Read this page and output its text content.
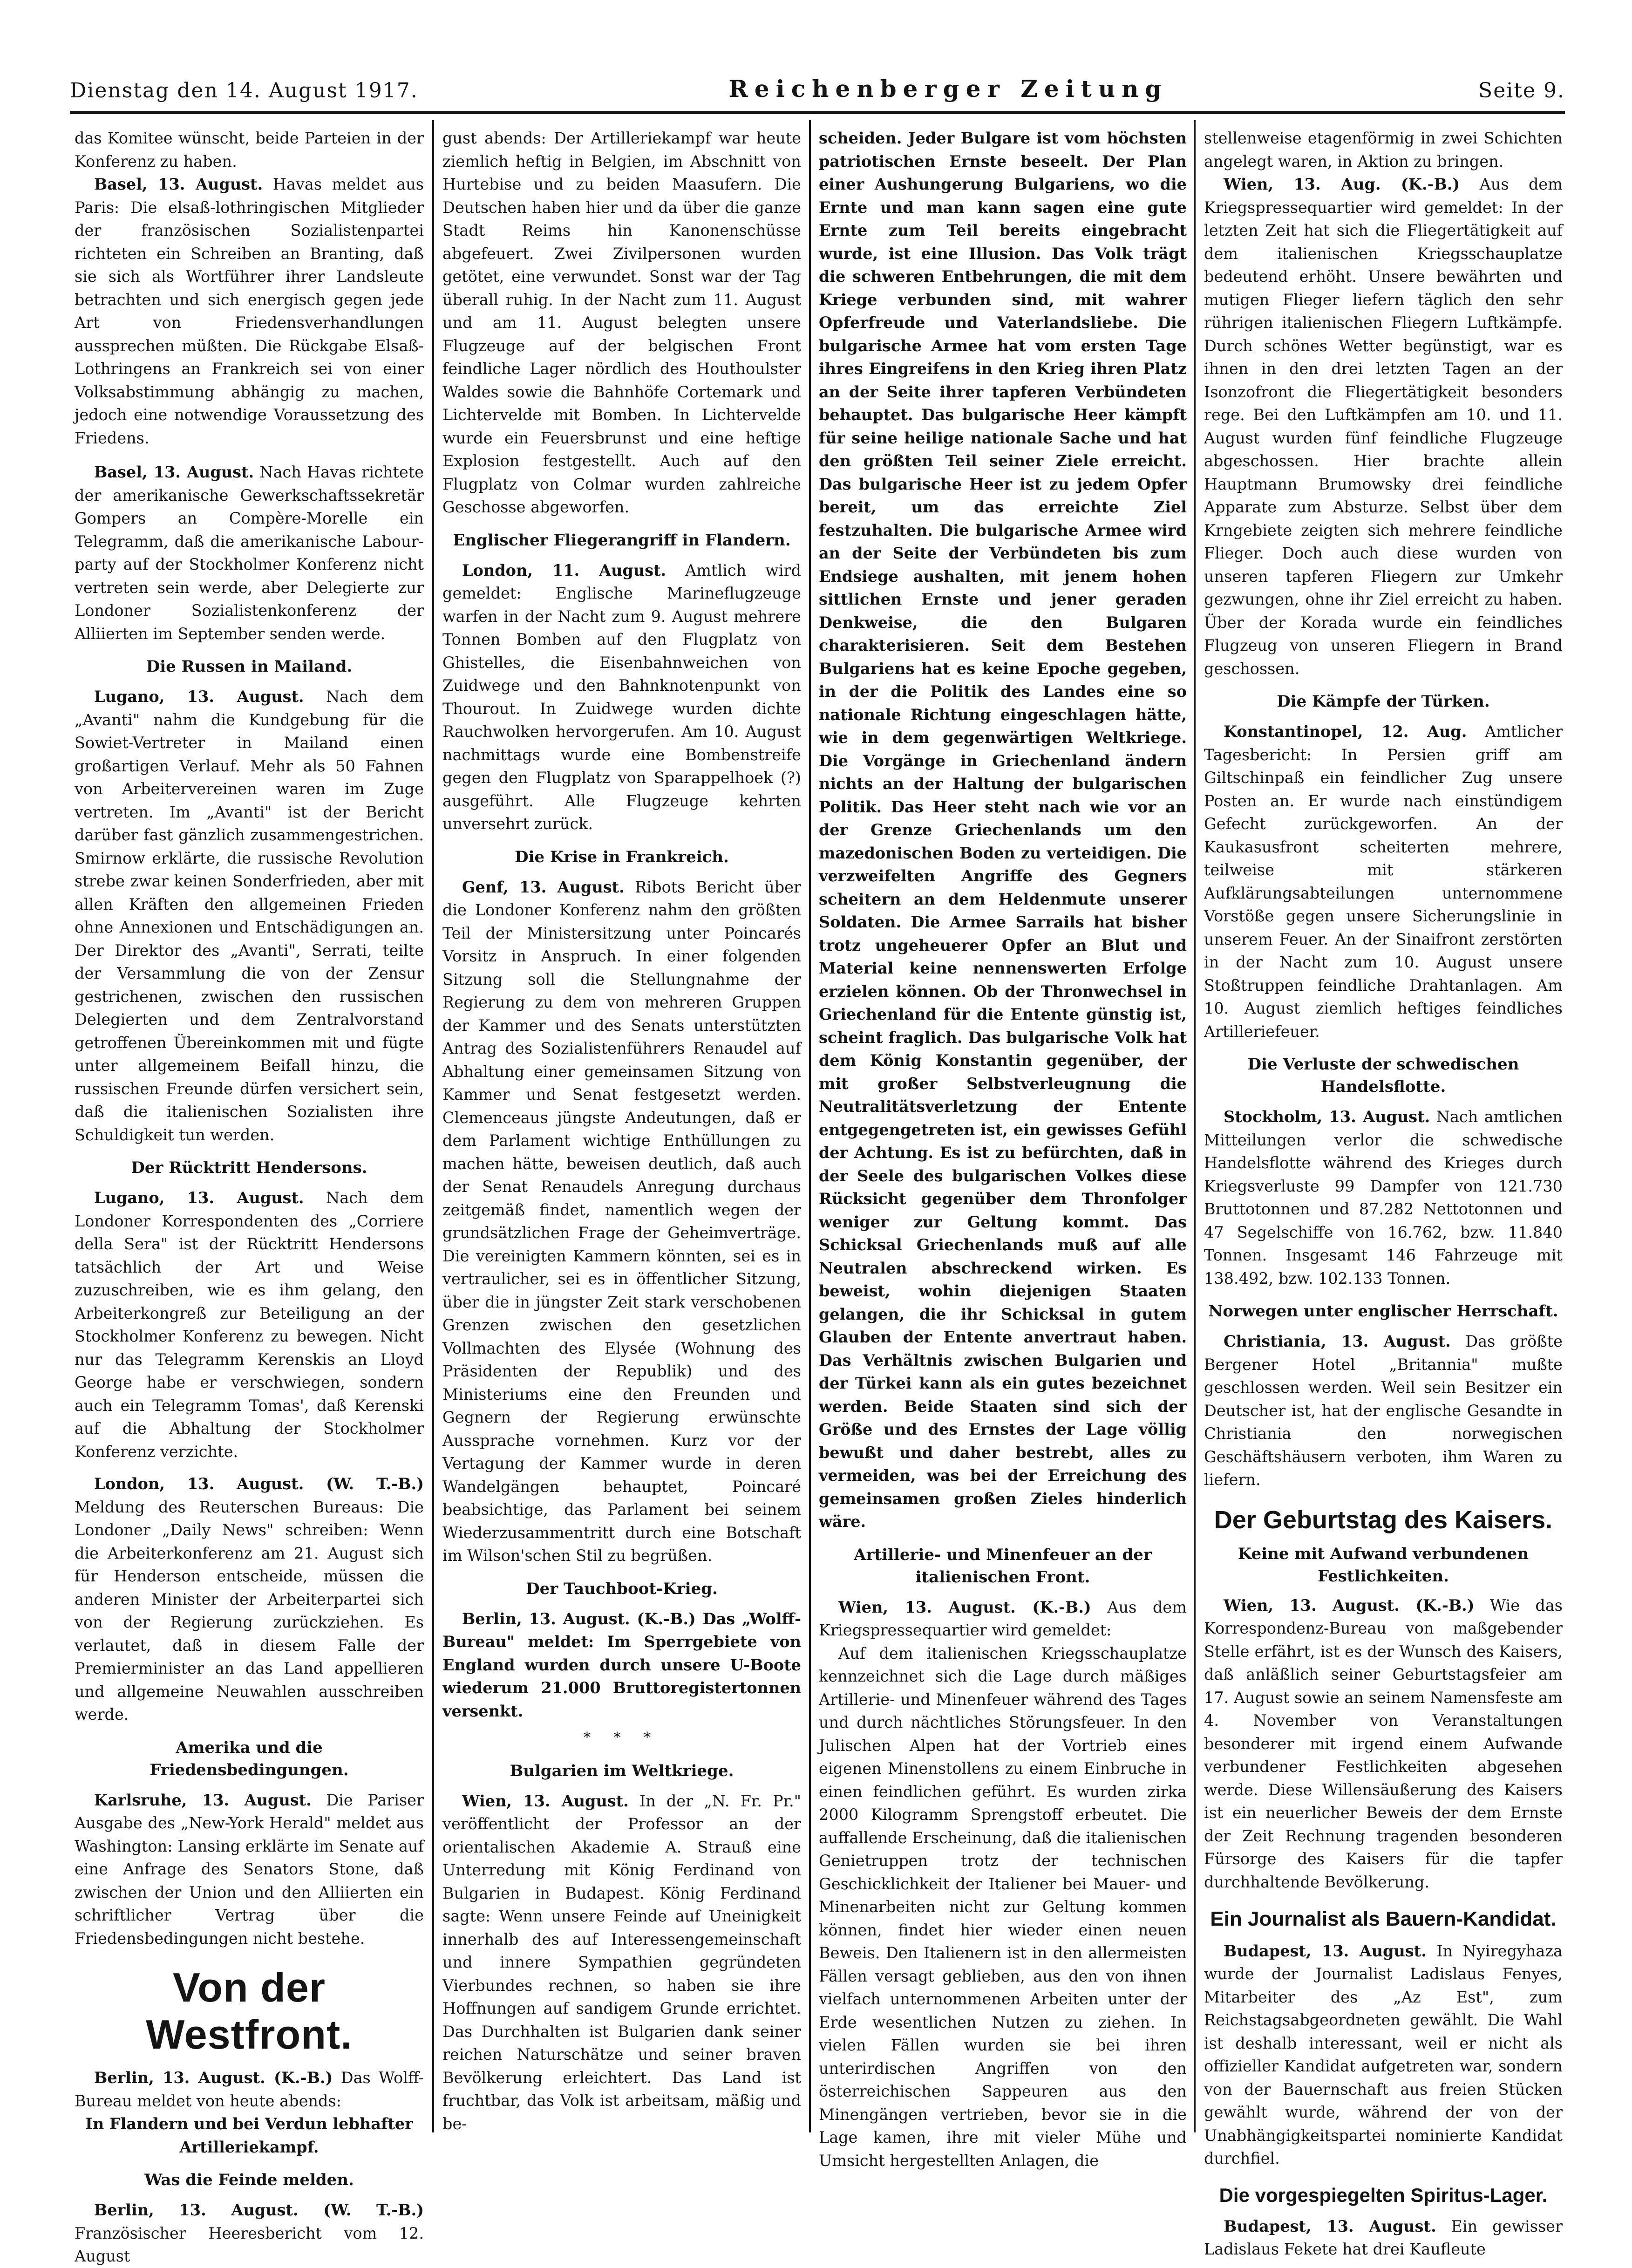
Dienstag den 14. August 1917.	Reichenberger Zeitung	Seite 9.

das Komitee wünscht, beide Parteien in der Konferenz zu haben.

Basel, 13. August. Havas meldet aus Paris: Die elsaß-lothringischen Mitglieder der französischen Sozialistenpartei richteten ein Schreiben an Branting, daß sie sich als Wortführer ihrer Landsleute betrachten und sich energisch gegen jede Art von Friedensverhandlungen aussprechen müßten. Die Rückgabe Elsaß-Lothringens an Frankreich sei von einer Volksabstimmung abhängig zu machen, jedoch eine notwendige Voraussetzung des Friedens.

Basel, 13. August. Nach Havas richtete der amerikanische Gewerkschaftssekretär Gompers an Compère-Morelle ein Telegramm, daß die amerikanische Labour-party auf der Stockholmer Konferenz nicht vertreten sein werde, aber Delegierte zur Londoner Sozialistenkonferenz der Alliierten im September senden werde.

Die Russen in Mailand.

Lugano, 13. August. Nach dem „Avanti" nahm die Kundgebung für die Sowiet-Vertreter in Mailand einen großartigen Verlauf. Mehr als 50 Fahnen von Arbeitervereinen waren im Zuge vertreten. Im „Avanti" ist der Bericht darüber fast gänzlich zusammengestrichen. Smirnow erklärte, die russische Revolution strebe zwar keinen Sonderfrieden, aber mit allen Kräften den allgemeinen Frieden ohne Annexionen und Entschädigungen an. Der Direktor des „Avanti", Serrati, teilte der Versammlung die von der Zensur gestrichenen, zwischen den russischen Delegierten und dem Zentralvorstand getroffenen Übereinkommen mit und fügte unter allgemeinem Beifall hinzu, die russischen Freunde dürfen versichert sein, daß die italienischen Sozialisten ihre Schuldigkeit tun werden.

Der Rücktritt Hendersons.

Lugano, 13. August. Nach dem Londoner Korrespondenten des „Corriere della Sera" ist der Rücktritt Hendersons tatsächlich der Art und Weise zuzuschreiben, wie es ihm gelang, den Arbeiterkongreß zur Beteiligung an der Stockholmer Konferenz zu bewegen. Nicht nur das Telegramm Kerenskis an Lloyd George habe er verschwiegen, sondern auch ein Telegramm Tomas', daß Kerenski auf die Abhaltung der Stockholmer Konferenz verzichte.

London, 13. August. (W. T.-B.) Meldung des Reuterschen Bureaus: Die Londoner „Daily News" schreiben: Wenn die Arbeiterkonferenz am 21. August sich für Henderson entscheide, müssen die anderen Minister der Arbeiterpartei sich von der Regierung zurückziehen. Es verlautet, daß in diesem Falle der Premierminister an das Land appellieren und allgemeine Neuwahlen ausschreiben werde.

Amerika und die Friedensbedingungen.

Karlsruhe, 13. August. Die Pariser Ausgabe des „New-York Herald" meldet aus Washington: Lansing erklärte im Senate auf eine Anfrage des Senators Stone, daß zwischen der Union und den Alliierten ein schriftlicher Vertrag über die Friedensbedingungen nicht bestehe.

Von der Westfront.

Berlin, 13. August. (K.-B.) Das Wolff-Bureau meldet von heute abends:

In Flandern und bei Verdun lebhafter Artilleriekampf.

Was die Feinde melden.

Berlin, 13. August. (W. T.-B.) Französischer Heeresbericht vom 12. August

gust abends: Der Artilleriekampf war heute ziemlich heftig in Belgien, im Abschnitt von Hurtebise und zu beiden Maasufern. Die Deutschen haben hier und da über die ganze Stadt Reims hin Kanonenschüsse abgefeuert. Zwei Zivilpersonen wurden getötet, eine verwundet. Sonst war der Tag überall ruhig. In der Nacht zum 11. August und am 11. August belegten unsere Flugzeuge auf der belgischen Front feindliche Lager nördlich des Houthoulster Waldes sowie die Bahnhöfe Cortemark und Lichtervelde mit Bomben. In Lichtervelde wurde ein Feuersbrunst und eine heftige Explosion festgestellt. Auch auf den Flugplatz von Colmar wurden zahlreiche Geschosse abgeworfen.

Englischer Fliegerangriff in Flandern.

London, 11. August. Amtlich wird gemeldet: Englische Marineflugzeuge warfen in der Nacht zum 9. August mehrere Tonnen Bomben auf den Flugplatz von Ghistelles, die Eisenbahnweichen von Zuidwege und den Bahnknotenpunkt von Thourout. In Zuidwege wurden dichte Rauchwolken hervorgerufen. Am 10. August nachmittags wurde eine Bombenstreife gegen den Flugplatz von Sparappelhoek (?) ausgeführt. Alle Flugzeuge kehrten unversehrt zurück.

Die Krise in Frankreich.

Genf, 13. August. Ribots Bericht über die Londoner Konferenz nahm den größten Teil der Ministersitzung unter Poincarés Vorsitz in Anspruch. In einer folgenden Sitzung soll die Stellungnahme der Regierung zu dem von mehreren Gruppen der Kammer und des Senats unterstützten Antrag des Sozialistenführers Renaudel auf Abhaltung einer gemeinsamen Sitzung von Kammer und Senat festgesetzt werden. Clemenceaus jüngste Andeutungen, daß er dem Parlament wichtige Enthüllungen zu machen hätte, beweisen deutlich, daß auch der Senat Renaudels Anregung durchaus zeitgemäß findet, namentlich wegen der grundsätzlichen Frage der Geheimverträge. Die vereinigten Kammern könnten, sei es in vertraulicher, sei es in öffentlicher Sitzung, über die in jüngster Zeit stark verschobenen Grenzen zwischen den gesetzlichen Vollmachten des Elysée (Wohnung des Präsidenten der Republik) und des Ministeriums eine den Freunden und Gegnern der Regierung erwünschte Aussprache vornehmen. Kurz vor der Vertagung der Kammer wurde in deren Wandelgängen behauptet, Poincaré beabsichtige, das Parlament bei seinem Wiederzusammentritt durch eine Botschaft im Wilson'schen Stil zu begrüßen.

Der Tauchboot-Krieg.

Berlin, 13. August. (K.-B.) Das „Wolff-Bureau" meldet: Im Sperrgebiete von England wurden durch unsere U-Boote wiederum 21.000 Bruttoregistertonnen versenkt.

* * *
Bulgarien im Weltkriege.

Wien, 13. August. In der „N. Fr. Pr." veröffentlicht der Professor an der orientalischen Akademie A. Strauß eine Unterredung mit König Ferdinand von Bulgarien in Budapest. König Ferdinand sagte: Wenn unsere Feinde auf Uneinigkeit innerhalb des auf Interessengemeinschaft und innere Sympathien gegründeten Vierbundes rechnen, so haben sie ihre Hoffnungen auf sandigem Grunde errichtet. Das Durchhalten ist Bulgarien dank seiner reichen Naturschätze und seiner braven Bevölkerung erleichtert. Das Land ist fruchtbar, das Volk ist arbeitsam, mäßig und be-

scheiden. Jeder Bulgare ist vom höchsten patriotischen Ernste beseelt. Der Plan einer Aushungerung Bulgariens, wo die Ernte und man kann sagen eine gute Ernte zum Teil bereits eingebracht wurde, ist eine Illusion. Das Volk trägt die schweren Entbehrungen, die mit dem Kriege verbunden sind, mit wahrer Opferfreude und Vaterlandsliebe. Die bulgarische Armee hat vom ersten Tage ihres Eingreifens in den Krieg ihren Platz an der Seite ihrer tapferen Verbündeten behauptet. Das bulgarische Heer kämpft für seine heilige nationale Sache und hat den größten Teil seiner Ziele erreicht. Das bulgarische Heer ist zu jedem Opfer bereit, um das erreichte Ziel festzuhalten. Die bulgarische Armee wird an der Seite der Verbündeten bis zum Endsiege aushalten, mit jenem hohen sittlichen Ernste und jener geraden Denkweise, die den Bulgaren charakterisieren. Seit dem Bestehen Bulgariens hat es keine Epoche gegeben, in der die Politik des Landes eine so nationale Richtung eingeschlagen hätte, wie in dem gegenwärtigen Weltkriege. Die Vorgänge in Griechenland ändern nichts an der Haltung der bulgarischen Politik. Das Heer steht nach wie vor an der Grenze Griechenlands um den mazedonischen Boden zu verteidigen. Die verzweifelten Angriffe des Gegners scheitern an dem Heldenmute unserer Soldaten. Die Armee Sarrails hat bisher trotz ungeheuerer Opfer an Blut und Material keine nennenswerten Erfolge erzielen können. Ob der Thronwechsel in Griechenland für die Entente günstig ist, scheint fraglich. Das bulgarische Volk hat dem König Konstantin gegenüber, der mit großer Selbstverleugnung die Neutralitätsverletzung der Entente entgegengetreten ist, ein gewisses Gefühl der Achtung. Es ist zu befürchten, daß in der Seele des bulgarischen Volkes diese Rücksicht gegenüber dem Thronfolger weniger zur Geltung kommt. Das Schicksal Griechenlands muß auf alle Neutralen abschreckend wirken. Es beweist, wohin diejenigen Staaten gelangen, die ihr Schicksal in gutem Glauben der Entente anvertraut haben. Das Verhältnis zwischen Bulgarien und der Türkei kann als ein gutes bezeichnet werden. Beide Staaten sind sich der Größe und des Ernstes der Lage völlig bewußt und daher bestrebt, alles zu vermeiden, was bei der Erreichung des gemeinsamen großen Zieles hinderlich wäre.

Artillerie- und Minenfeuer an der italienischen Front.

Wien, 13. August. (K.-B.) Aus dem Kriegspressequartier wird gemeldet:

Auf dem italienischen Kriegsschauplatze kennzeichnet sich die Lage durch mäßiges Artillerie- und Minenfeuer während des Tages und durch nächtliches Störungsfeuer. In den Julischen Alpen hat der Vortrieb eines eigenen Minenstollens zu einem Einbruche in einen feindlichen geführt. Es wurden zirka 2000 Kilogramm Sprengstoff erbeutet. Die auffallende Erscheinung, daß die italienischen Genietruppen trotz der technischen Geschicklichkeit der Italiener bei Mauer- und Minenarbeiten nicht zur Geltung kommen können, findet hier wieder einen neuen Beweis. Den Italienern ist in den allermeisten Fällen versagt geblieben, aus den von ihnen vielfach unternommenen Arbeiten unter der Erde wesentlichen Nutzen zu ziehen. In vielen Fällen wurden sie bei ihren unterirdischen Angriffen von den österreichischen Sappeuren aus den Minengängen vertrieben, bevor sie in die Lage kamen, ihre mit vieler Mühe und Umsicht hergestellten Anlagen, die

stellenweise etagenförmig in zwei Schichten angelegt waren, in Aktion zu bringen.

Wien, 13. Aug. (K.-B.) Aus dem Kriegspressequartier wird gemeldet: In der letzten Zeit hat sich die Fliegertätigkeit auf dem italienischen Kriegsschauplatze bedeutend erhöht. Unsere bewährten und mutigen Flieger liefern täglich den sehr rührigen italienischen Fliegern Luftkämpfe. Durch schönes Wetter begünstigt, war es ihnen in den drei letzten Tagen an der Isonzofront die Fliegertätigkeit besonders rege. Bei den Luftkämpfen am 10. und 11. August wurden fünf feindliche Flugzeuge abgeschossen. Hier brachte allein Hauptmann Brumowsky drei feindliche Apparate zum Absturze. Selbst über dem Krngebiete zeigten sich mehrere feindliche Flieger. Doch auch diese wurden von unseren tapferen Fliegern zur Umkehr gezwungen, ohne ihr Ziel erreicht zu haben. Über der Korada wurde ein feindliches Flugzeug von unseren Fliegern in Brand geschossen.

Die Kämpfe der Türken.

Konstantinopel, 12. Aug. Amtlicher Tagesbericht: In Persien griff am Giltschinpaß ein feindlicher Zug unsere Posten an. Er wurde nach einstündigem Gefecht zurückgeworfen. An der Kaukasusfront scheiterten mehrere, teilweise mit stärkeren Aufklärungsabteilungen unternommene Vorstöße gegen unsere Sicherungslinie in unserem Feuer. An der Sinaifront zerstörten in der Nacht zum 10. August unsere Stoßtruppen feindliche Drahtanlagen. Am 10. August ziemlich heftiges feindliches Artilleriefeuer.

Die Verluste der schwedischen Handelsflotte.

Stockholm, 13. August. Nach amtlichen Mitteilungen verlor die schwedische Handelsflotte während des Krieges durch Kriegsverluste 99 Dampfer von 121.730 Bruttotonnen und 87.282 Nettotonnen und 47 Segelschiffe von 16.762, bzw. 11.840 Tonnen. Insgesamt 146 Fahrzeuge mit 138.492, bzw. 102.133 Tonnen.

Norwegen unter englischer Herrschaft.

Christiania, 13. August. Das größte Bergener Hotel „Britannia" mußte geschlossen werden. Weil sein Besitzer ein Deutscher ist, hat der englische Gesandte in Christiania den norwegischen Geschäftshäusern verboten, ihm Waren zu liefern.

Der Geburtstag des Kaisers.
Keine mit Aufwand verbundenen Festlichkeiten.

Wien, 13. August. (K.-B.) Wie das Korrespondenz-Bureau von maßgebender Stelle erfährt, ist es der Wunsch des Kaisers, daß anläßlich seiner Geburtstagsfeier am 17. August sowie an seinem Namensfeste am 4. November von Veranstaltungen besonderer mit irgend einem Aufwande verbundener Festlichkeiten abgesehen werde. Diese Willensäußerung des Kaisers ist ein neuerlicher Beweis der dem Ernste der Zeit Rechnung tragenden besonderen Fürsorge des Kaisers für die tapfer durchhaltende Bevölkerung.

Ein Journalist als Bauern-Kandidat.

Budapest, 13. August. In Nyiregyhaza wurde der Journalist Ladislaus Fenyes, Mitarbeiter des „Az Est", zum Reichstagsabgeordneten gewählt. Die Wahl ist deshalb interessant, weil er nicht als offizieller Kandidat aufgetreten war, sondern von der Bauernschaft aus freien Stücken gewählt wurde, während der von der Unabhängigkeitspartei nominierte Kandidat durchfiel.

Die vorgespiegelten Spiritus-Lager.

Budapest, 13. August. Ein gewisser Ladislaus Fekete hat drei Kaufleute
